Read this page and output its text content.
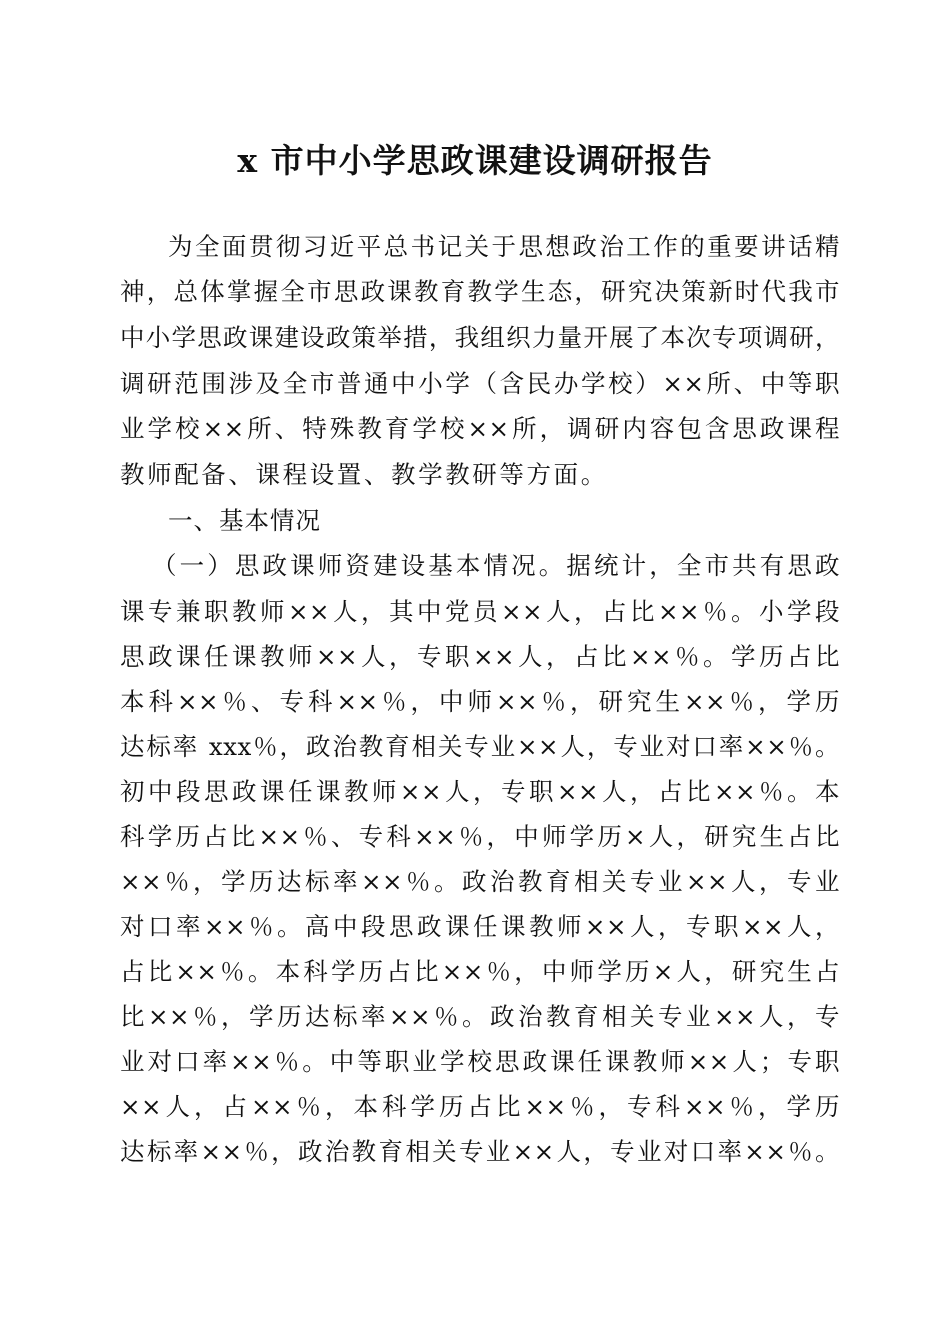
x 市中小学思政课建设调研报告
为全面贯彻习近平总书记关于思想政治工作的重要讲话精
神，总体掌握全市思政课教育教学生态，研究决策新时代我市
中小学思政课建设政策举措，我组织力量开展了本次专项调研，
调研范围涉及全市普通中小学（含民办学校）××所、中等职
业学校××所、特殊教育学校××所，调研内容包含思政课程
教师配备、课程设置、教学教研等方面。
一、基本情况
（一）思政课师资建设基本情况。据统计，全市共有思政
课专兼职教师××人，其中党员××人，占比××％。小学段
思政课任课教师××人，专职××人，占比××％。学历占比
本科××％、专科××％，中师××％，研究生××％，学历
达标率 xxx％，政治教育相关专业××人，专业对口率××％。
初中段思政课任课教师××人，专职××人，占比××％。本
科学历占比××％、专科××％，中师学历×人，研究生占比
××％，学历达标率××％。政治教育相关专业××人，专业
对口率××％。高中段思政课任课教师××人，专职××人，
占比××％。本科学历占比××％，中师学历×人，研究生占
比××％，学历达标率××％。政治教育相关专业××人，专
业对口率××％。中等职业学校思政课任课教师××人；专职
××人，占××％，本科学历占比××％，专科××％，学历
达标率××％，政治教育相关专业××人，专业对口率××％。
